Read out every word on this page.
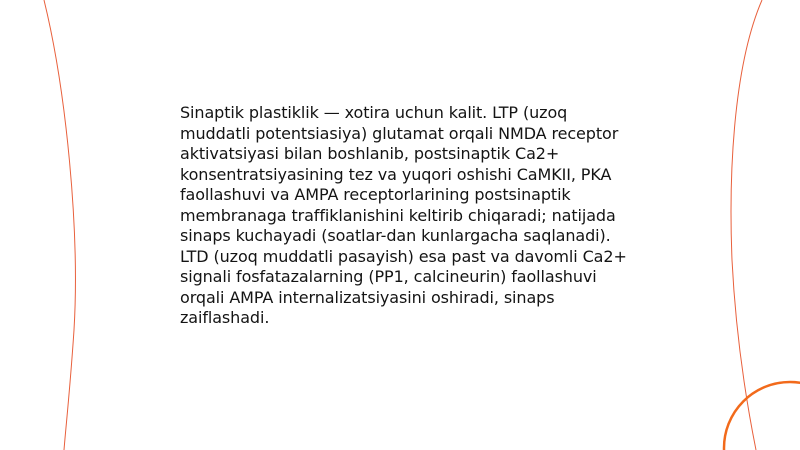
Sinaptik plastiklik — xotira uchun kalit. LTP (uzoq muddatli potentsiasiya) glutamat orqali NMDA receptor aktivatsiyasi bilan boshlanib, postsinaptik Ca2+ konsentratsiyasining tez va yuqori oshishi CaMKII, PKA faollashuvi va AMPA receptorlarining postsinaptik membranaga traffiklanishini keltirib chiqaradi; natijada sinaps kuchayadi (soatlar-dan kunlargacha saqlanadi). LTD (uzoq muddatli pasayish) esa past va davomli Ca2+ signali fosfatazalarning (PP1, calcineurin) faollashuvi orqali AMPA internalizatsiyasini oshiradi, sinaps zaiflashadi.
